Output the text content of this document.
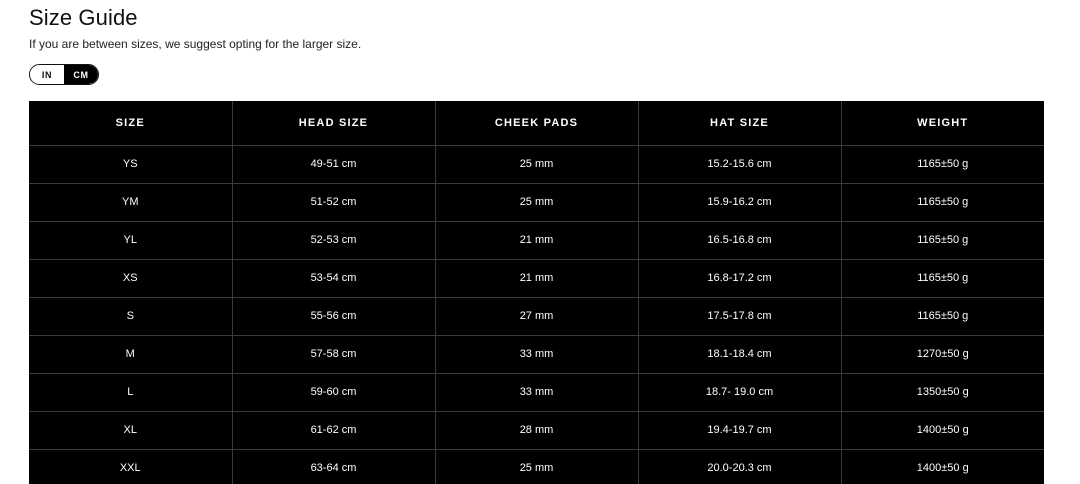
Size Guide

If you are between sizes, we suggest opting for the larger size.

IN	CM
SIZE	HEAD SIZE	CHEEK PADS	HAT SIZE	WEIGHT
YS	49-51 cm	25 mm	15.2-15.6 cm	1165±50 g
YM	51-52 cm	25 mm	15.9-16.2 cm	1165±50 g
YL	52-53 cm	21 mm	16.5-16.8 cm	1165±50 g
XS	53-54 cm	21 mm	16.8-17.2 cm	1165±50 g
S	55-56 cm	27 mm	17.5-17.8 cm	1165±50 g
M	57-58 cm	33 mm	18.1-18.4 cm	1270±50 g
L	59-60 cm	33 mm	18.7- 19.0 cm	1350±50 g
XL	61-62 cm	28 mm	19.4-19.7 cm	1400±50 g
XXL	63-64 cm	25 mm	20.0-20.3 cm	1400±50 g
